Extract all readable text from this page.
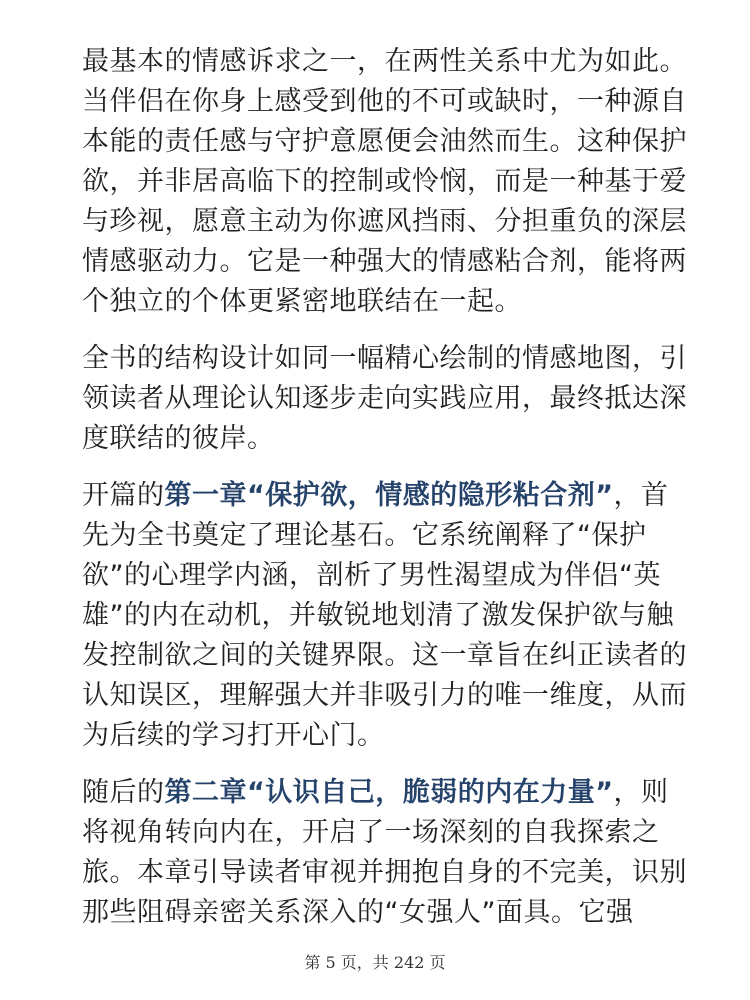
最基本的情感诉求之一，在两性关系中尤为如此。
当伴侣在你身上感受到他的不可或缺时，一种源自
本能的责任感与守护意愿便会油然而生。这种保护
欲，并非居高临下的控制或怜悯，而是一种基于爱
与珍视，愿意主动为你遮风挡雨、分担重负的深层
情感驱动力。它是一种强大的情感粘合剂，能将两
个独立的个体更紧密地联结在一起。
全书的结构设计如同一幅精心绘制的情感地图，引
领读者从理论认知逐步走向实践应用，最终抵达深
度联结的彼岸。
开篇的第一章“保护欲，情感的隐形粘合剂”，首
先为全书奠定了理论基石。它系统阐释了“保护
欲”的心理学内涵，剖析了男性渴望成为伴侣“英
雄”的内在动机，并敏锐地划清了激发保护欲与触
发控制欲之间的关键界限。这一章旨在纠正读者的
认知误区，理解强大并非吸引力的唯一维度，从而
为后续的学习打开心门。
随后的第二章“认识自己，脆弱的内在力量”，则
将视角转向内在，开启了一场深刻的自我探索之
旅。本章引导读者审视并拥抱自身的不完美，识别
那些阻碍亲密关系深入的“女强人”面具。它强
第 5 页，共 242 页
